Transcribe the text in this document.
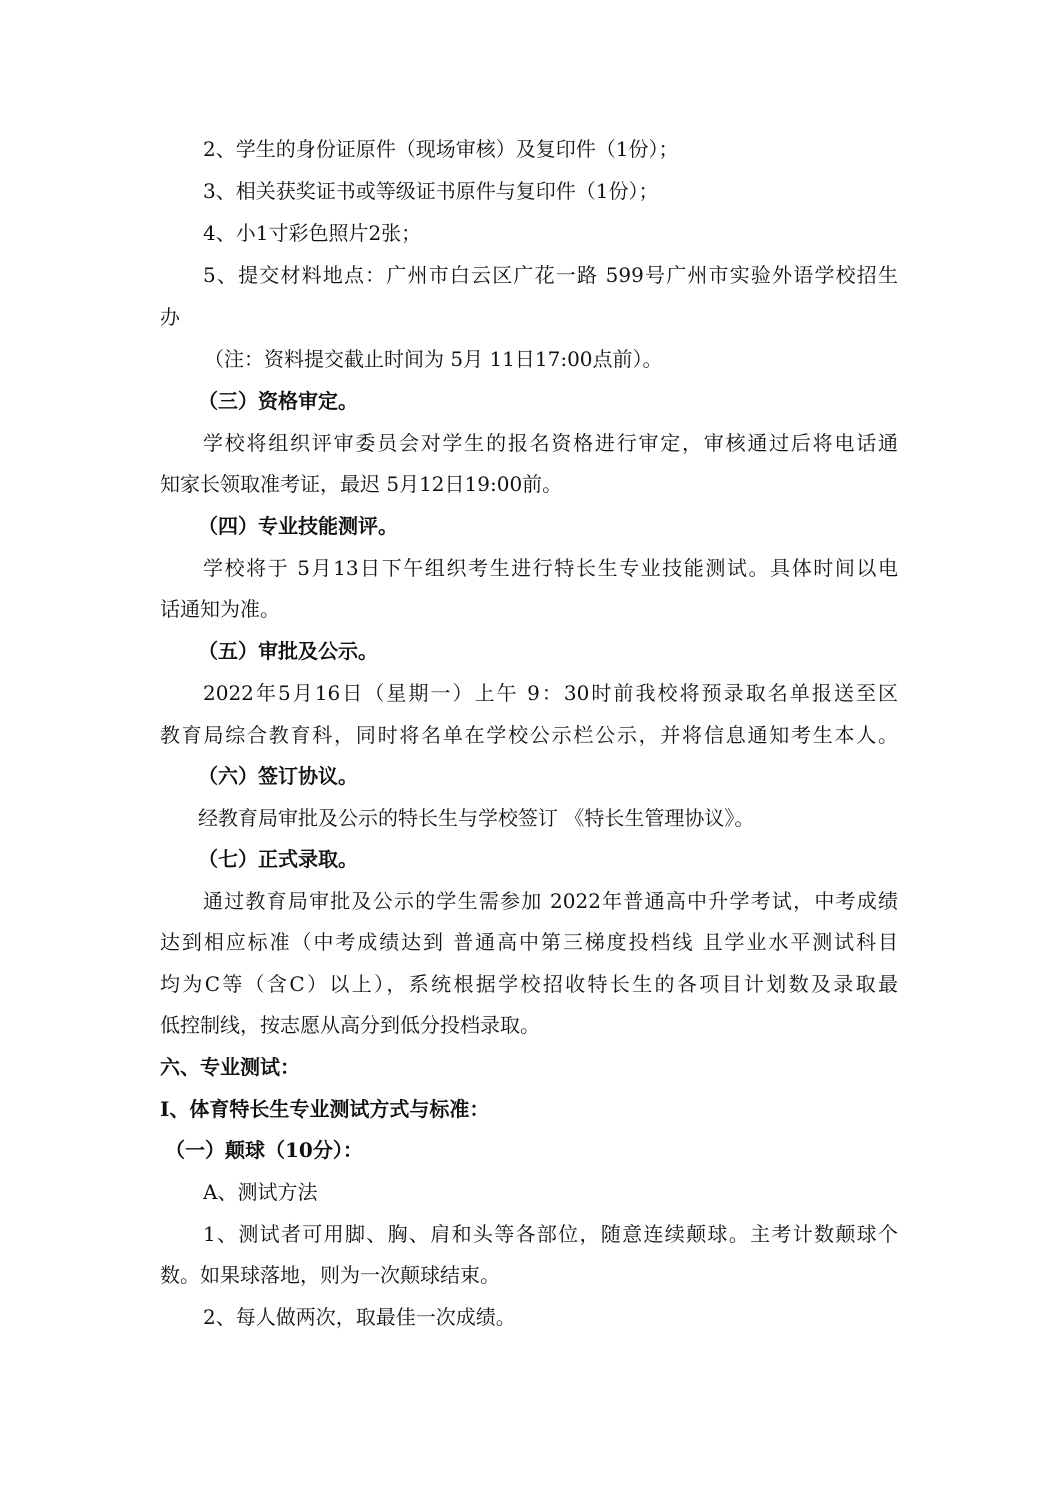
2、学生的身份证原件（现场审核）及复印件（1份）；
3、相关获奖证书或等级证书原件与复印件（1份）；
4、小1寸彩色照片2张；
5、提交材料地点：广州市白云区广花一路 599号广州市实验外语学校招生
办
（注：资料提交截止时间为 5月 11日17:00点前）。
（三）资格审定。
学校将组织评审委员会对学生的报名资格进行审定，审核通过后将电话通
知家长领取准考证，最迟 5月12日19:00前。
（四）专业技能测评。
学校将于 5月13日下午组织考生进行特长生专业技能测试。具体时间以电
话通知为准。
（五）审批及公示。
2022年5月16日（星期一）上午 9：30时前我校将预录取名单报送至区
教育局综合教育科，同时将名单在学校公示栏公示，并将信息通知考生本人。
（六）签订协议。
经教育局审批及公示的特长生与学校签订 《特长生管理协议》。
（七）正式录取。
通过教育局审批及公示的学生需参加 2022年普通高中升学考试，中考成绩
达到相应标准（中考成绩达到 普通高中第三梯度投档线 且学业水平测试科目
均为C等（含C）以上），系统根据学校招收特长生的各项目计划数及录取最
低控制线，按志愿从高分到低分投档录取。
六、专业测试：
I、体育特长生专业测试方式与标准：
（一）颠球（10分）：
A、测试方法
1、测试者可用脚、胸、肩和头等各部位，随意连续颠球。主考计数颠球个
数。如果球落地，则为一次颠球结束。
2、每人做两次，取最佳一次成绩。
